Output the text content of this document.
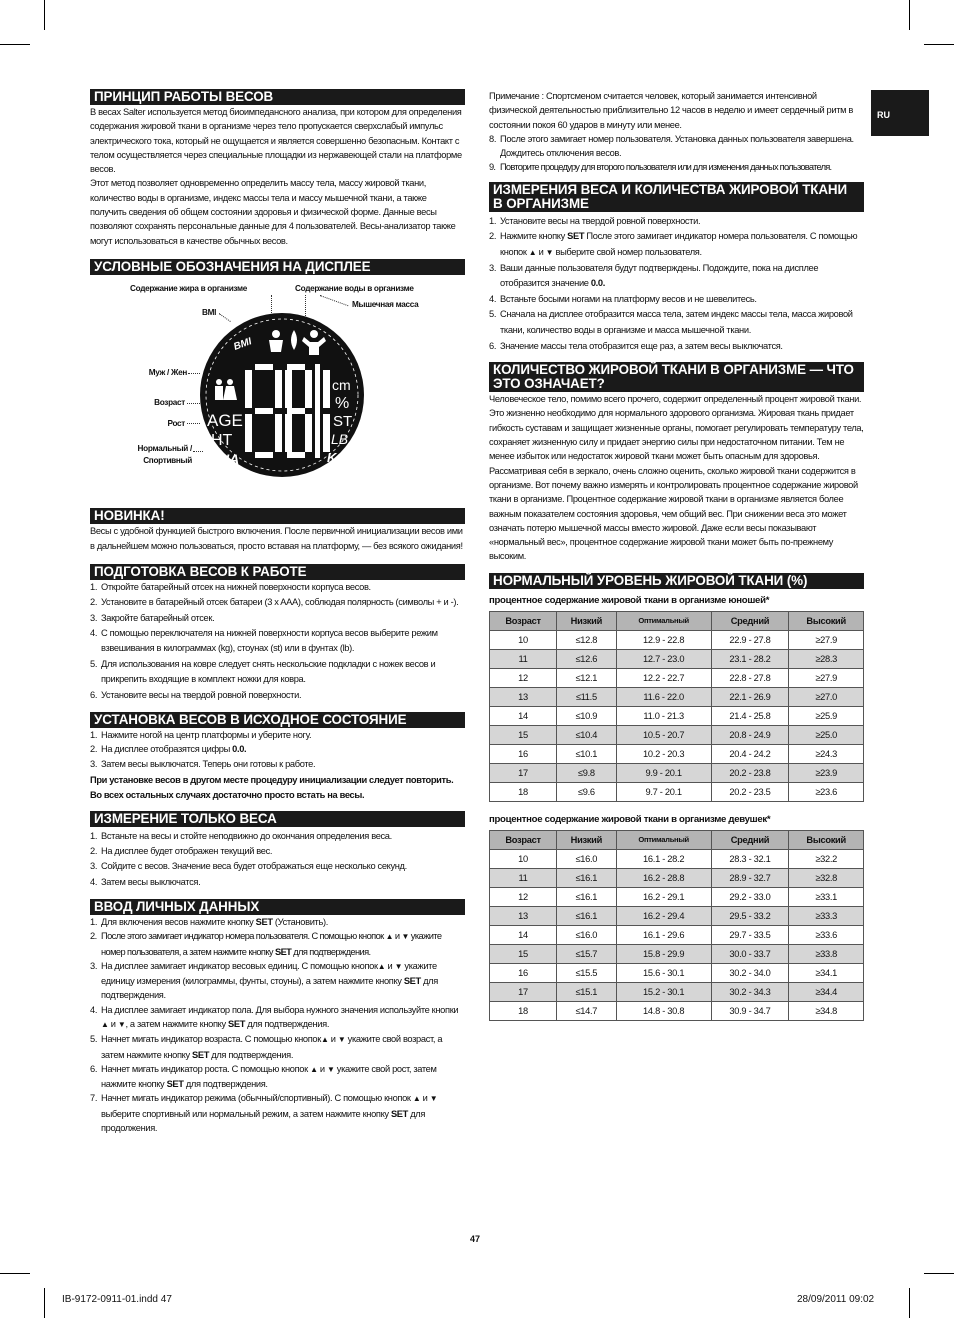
RU
ПРИНЦИП РАБОТЫ ВЕСОВ

В весах Salter используется метод биоимпедансного анализа, при котором для определения содержания жировой ткани в организме через тело пропускается сверхслабый импульс электрического тока, который не ощущается и является совершенно безопасным. Контакт с телом осуществляется через специальные площадки из нержавеющей стали на платформе весов.

Этот метод позволяет одновременно определить массу тела, массу жировой ткани, количество воды в организме, индекс массы тела и массу мышечной ткани, а также получить сведения об общем состоянии здоровья и физической форме. Данные весы позволяют сохранять персональные данные для 4 пользователей. Весы-анализатор также могут использоваться в качестве обычных весов.

УСЛОВНЫЕ ОБОЗНАЧЕНИЯ НА ДИСПЛЕЕ
Содержание жира в организме	Содержание воды в организме
Мышечная масса
BMI
Муж / Жен
Возраст
Рост
Нормальный /
Спортивный
BMI
AGE
HT
NA
cm
%
ST
LB
KG
НОВИНКА!

Весы с удобной функцией быстрого включения. После первичной инициализации весов ими в дальнейшем можно пользоваться, просто вставая на платформу, — без всякого ожидания!

ПОДГОТОВКА ВЕСОВ К РАБОТЕ
1. Откройте батарейный отсек на нижней поверхности корпуса весов.
2. Установите в батарейный отсек батареи (3 x AAA), соблюдая полярность (символы + и -).
3. Закройте батарейный отсек.
4. С помощью переключателя на нижней поверхности корпуса весов выберите режим взвешивания в килограммах (kg), стоунах (st) или в фунтах (lb).
5. Для использования на ковре следует снять нескольские подкладки с ножек весов и прикрепить входящие в комплект ножки для ковра.
6. Установите весы на твердой ровной поверхности.
УСТАНОВКА ВЕСОВ В ИСХОДНОЕ СОСТОЯНИЕ
1. Нажмите ногой на центр платформы и уберите ногу.
2. На дисплее отобразятся цифры 0.0.
3. Затем весы выключатся. Теперь они готовы к работе.

При установке весов в другом месте процедуру инициализации следует повторить. Во всех остальных случаях достаточно просто встать на весы.

ИЗМЕРЕНИЕ ТОЛЬКО ВЕСА
1. Встаньте на весы и стойте неподвижно до окончания определения веса.
2. На дисплее будет отображен текущий вес.
3. Сойдите с весов. Значение веса будет отображаться еще несколько секунд.
4. Затем весы выключатся.
ВВОД ЛИЧНЫХ ДАННЫХ
1. Для включения весов нажмите кнопку SET (Установить).
2. После этого замигает индикатор номера пользователя. С помощью кнопок ▲ и ▼ укажите номер пользователя, а затем нажмите кнопку SET для подтверждения.
3. На дисплее замигает индикатор весовых единиц. С помощью кнопок▲ и ▼ укажите единицу измерения (килограммы, фунты, стоуны), а затем нажмите кнопку SET для подтверждения.
4. На дисплее замигает индикатор пола. Для выбора нужного значения используйте кнопки ▲ и ▼, а затем нажмите кнопку SET для подтверждения.
5. Начнет мигать индикатор возраста. С помощью кнопок▲ и ▼ укажите свой возраст, а затем нажмите кнопку SET для подтверждения.
6. Начнет мигать индикатор роста. С помощью кнопок ▲ и ▼ укажите свой рост, затем нажмите кнопку SET для подтверждения.
7. Начнет мигать индикатор режима (обычный/спортивный). С помощью кнопок ▲ и ▼ выберите спортивный или нормальный режим, а затем нажмите кнопку SET для продолжения.

Примечание : Спортсменом считается человек, который занимается интенсивной физической деятельностью приблизительно 12 часов в неделю и имеет сердечный ритм в состоянии покоя 60 ударов в минуту или менее.

8. После этого замигает номер пользователя. Установка данных пользователя завершена. Дождитесь отключения весов.
9. Повторите процедуру для второго пользователя или для изменения данных пользователя.
ИЗМЕРЕНИЯ ВЕСА И КОЛИЧЕСТВА ЖИРОВОЙ ТКАНИ В ОРГАНИЗМЕ
1. Установите весы на твердой ровной поверхности.
2. Нажмите кнопку SET После этого замигает индикатор номера пользователя. С помощью кнопок ▲ и ▼ выберите свой номер пользователя.
3. Ваши данные пользователя будут подтверждены. Подождите, пока на дисплее отобразится значение 0.0.
4. Встаньте босыми ногами на платформу весов и не шевелитесь.
5. Сначала на дисплее отобразится масса тела, затем индекс массы тела, масса жировой ткани, количество воды в организме и масса мышечной ткани.
6. Значение массы тела отобразится еще раз, а затем весы выключатся.
КОЛИЧЕСТВО ЖИРОВОЙ ТКАНИ В ОРГАНИЗМЕ — ЧТО ЭТО ОЗНАЧАЕТ?

Человеческое тело, помимо всего прочего, содержит определенный процент жировой ткани. Это жизненно необходимо для нормального здорового организма. Жировая ткань придает гибкость суставам и защищает жизненные органы, помогает регулировать температуру тела, сохраняет жизненную силу и придает энергию силы при недостаточном питании. Тем не менее избыток или недостаток жировой ткани может быть опасным для здоровья. Рассматривая себя в зеркало, очень сложно оценить, сколько жировой ткани содержится в организме. Вот почему важно измерять и контролировать процентное содержание жировой ткани в организме. Процентное содержание жировой ткани в организме является более важным показателем состояния здоровья, чем общий вес. При снижении веса это может означать потерю мышечной массы вместо жировой. Даже если весы показывают «нормальный вес», процентное содержание жировой ткани может быть по-прежнему высоким.

НОРМАЛЬНЫЙ УРОВЕНЬ ЖИРОВОЙ ТКАНИ (%)
процентное содержание жировой ткани в организме юношей*
Возраст	Низкий	Оптимальный	Средний	Высокий
10	≤12.8	12.9 - 22.8	22.9 - 27.8	≥27.9
11	≤12.6	12.7 - 23.0	23.1 - 28.2	≥28.3
12	≤12.1	12.2 - 22.7	22.8 - 27.8	≥27.9
13	≤11.5	11.6 - 22.0	22.1 - 26.9	≥27.0
14	≤10.9	11.0 - 21.3	21.4 - 25.8	≥25.9
15	≤10.4	10.5 - 20.7	20.8 - 24.9	≥25.0
16	≤10.1	10.2 - 20.3	20.4 - 24.2	≥24.3
17	≤9.8	9.9 - 20.1	20.2 - 23.8	≥23.9
18	≤9.6	9.7 - 20.1	20.2 - 23.5	≥23.6
процентное содержание жировой ткани в организме девушек*
Возраст	Низкий	Оптимальный	Средний	Высокий
10	≤16.0	16.1 - 28.2	28.3 - 32.1	≥32.2
11	≤16.1	16.2 - 28.8	28.9 - 32.7	≥32.8
12	≤16.1	16.2 - 29.1	29.2 - 33.0	≥33.1
13	≤16.1	16.2 - 29.4	29.5 - 33.2	≥33.3
14	≤16.0	16.1 - 29.6	29.7 - 33.5	≥33.6
15	≤15.7	15.8 - 29.9	30.0 - 33.7	≥33.8
16	≤15.5	15.6 - 30.1	30.2 - 34.0	≥34.1
17	≤15.1	15.2 - 30.1	30.2 - 34.3	≥34.4
18	≤14.7	14.8 - 30.8	30.9 - 34.7	≥34.8
47
IB-9172-0911-01.indd 47	28/09/2011 09:02
